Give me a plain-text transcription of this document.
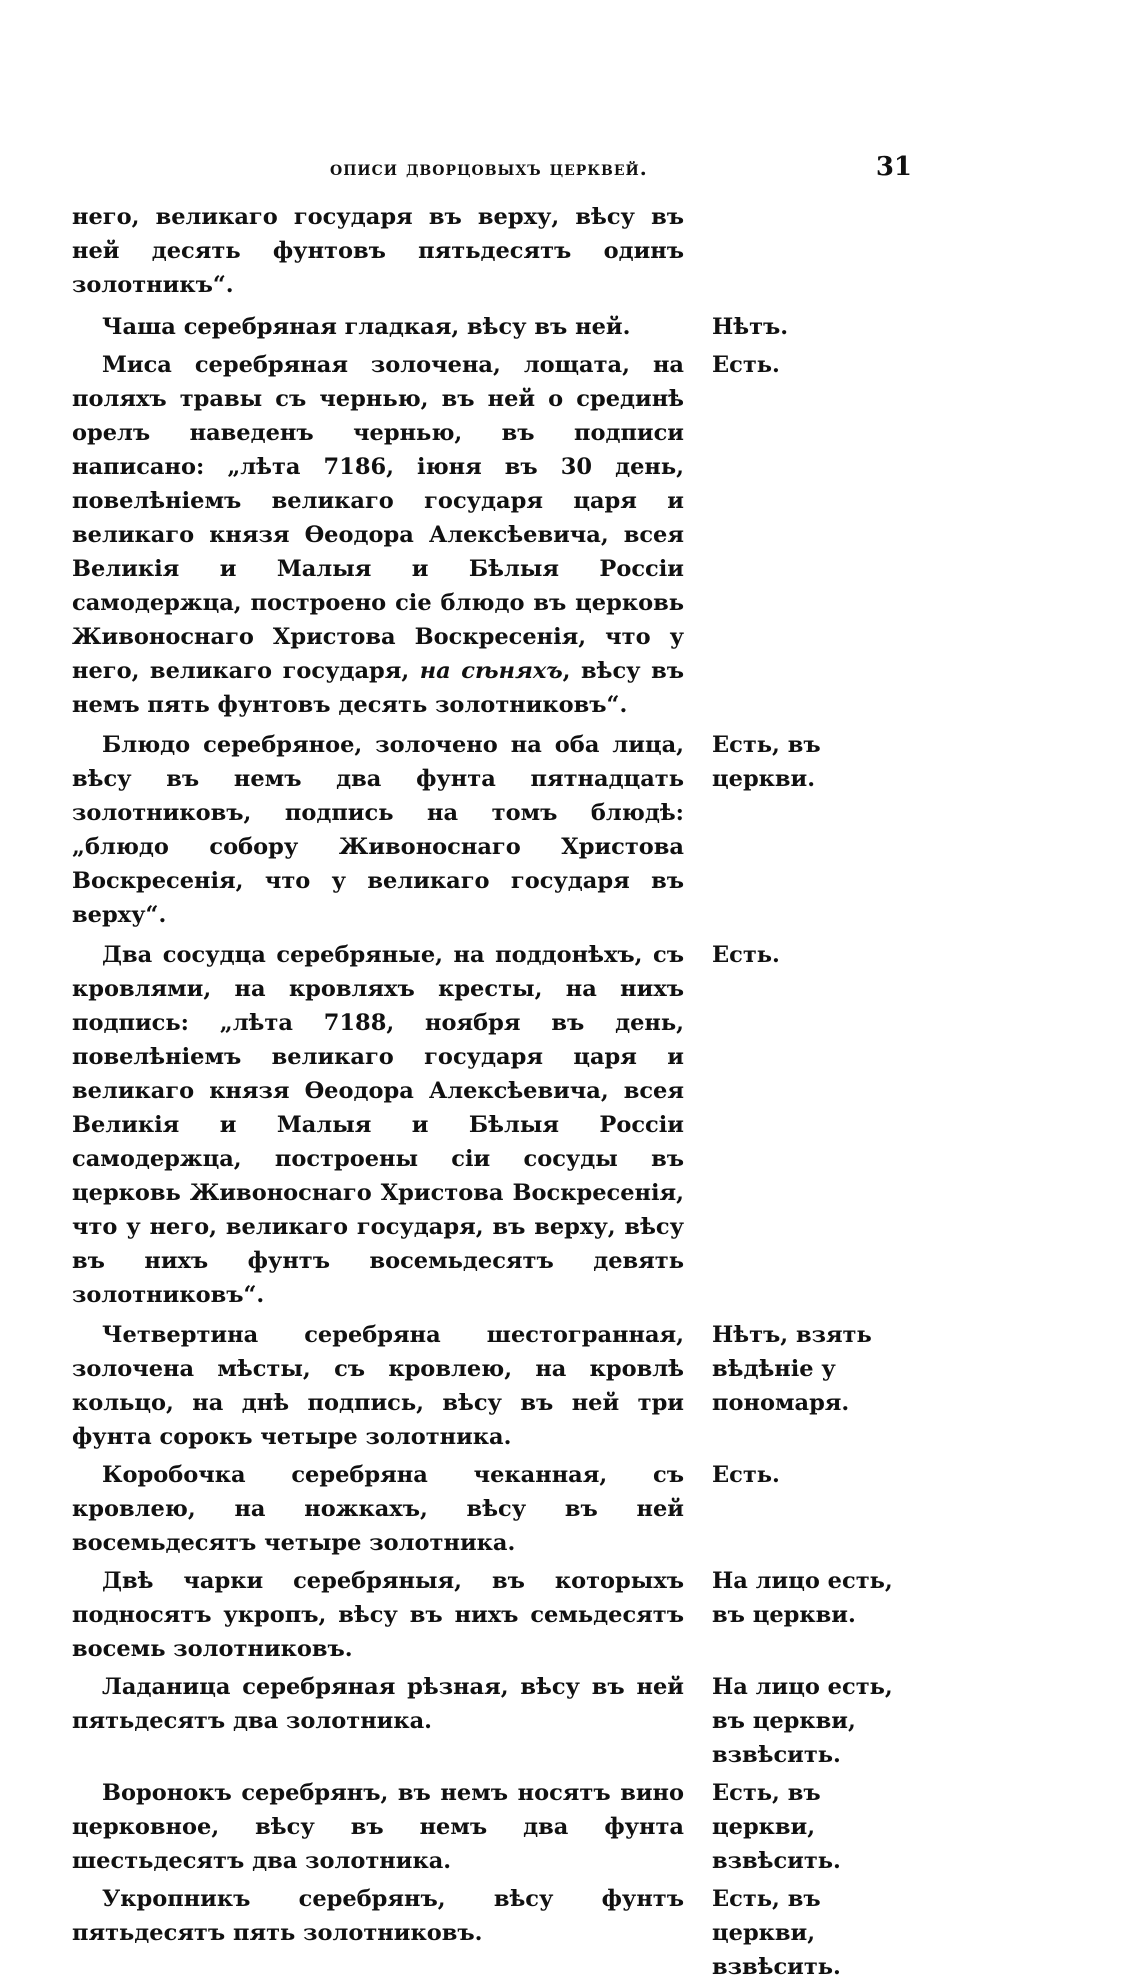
описи дворцовыхъ церквей.	31
него, великаго государя въ верху, вѣсу въ ней десять фунтовъ пятьдесятъ одинъ золотникъ“.
Чаша серебряная гладкая, вѣсу въ ней.	Нѣтъ.
Миса серебряная золочена, лощата, на поляхъ травы съ чернью, въ ней о срединѣ орелъ наведенъ чернью, въ подписи написано: „лѣта 7186, іюня въ 30 день, повелѣніемъ великаго государя царя и великаго князя Ѳеодора Алексѣевича, всея Великія и Малыя и Бѣлыя Россіи самодержца, построено сіе блюдо въ церковь Живоноснаго Христова Воскресенія, что у него, великаго государя, на сѣняхъ, вѣсу въ немъ пять фунтовъ десять золотниковъ“.
Есть.
Блюдо серебряное, золочено на оба лица, вѣсу въ немъ два фунта пятнадцать золотниковъ, подпись на томъ блюдѣ: „блюдо собору Живоноснаго Христова Воскресенія, что у великаго государя въ верху“.
Есть, въ церкви.
Два сосудца серебряные, на поддонѣхъ, съ кровлями, на кровляхъ кресты, на нихъ подпись: „лѣта 7188, ноября въ день, повелѣніемъ великаго государя царя и великаго князя Ѳеодора Алексѣевича, всея Великія и Малыя и Бѣлыя Россіи самодержца, построены сіи сосуды въ церковь Живоноснаго Христова Воскресенія, что у него, великаго государя, въ верху, вѣсу въ нихъ фунтъ восемьдесятъ девять золотниковъ“.
Есть.
Четвертина серебряна шестогранная, золочена мѣсты, съ кровлею, на кровлѣ кольцо, на днѣ подпись, вѣсу въ ней три фунта сорокъ четыре золотника.
Нѣтъ, взять вѣдѣніе у пономаря.
Коробочка серебряна чеканная, съ кровлею, на ножкахъ, вѣсу въ ней восемьдесятъ четыре золотника.
Есть.
Двѣ чарки серебряныя, въ которыхъ подносятъ укропъ, вѣсу въ нихъ семьдесятъ восемь золотниковъ.
На лицо есть, въ церкви.
Ладаница серебряная рѣзная, вѣсу въ ней пятьдесятъ два золотника.
На лицо есть, въ церкви, взвѣсить.
Воронокъ серебрянъ, въ немъ носятъ вино церковное, вѣсу въ немъ два фунта шестьдесятъ два золотника.
Есть, въ церкви, взвѣсить.
Укропникъ серебрянъ, вѣсу фунтъ пятьдесятъ пять золотниковъ.
Есть, въ церкви, взвѣсить.
